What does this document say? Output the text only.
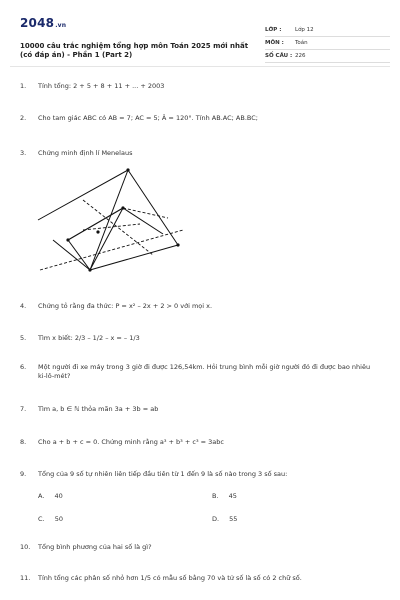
2048.vn
10000 câu trắc nghiệm tổng hợp môn Toán 2025 mới nhất (có đáp án) - Phần 1 (Part 2)
LỚP :	Lớp 12
MÔN :	Toán
SỐ CÂU : 226
1.	Tính tổng: 2 + 5 + 8 + 11 + ... + 2003
2.	Cho tam giác ABC có AB = 7; AC = 5; Â = 120°. Tính AB.AC; AB.BC;
3.	Chứng minh định lí Menelaus
4.	Chứng tỏ rằng đa thức: P = x² – 2x + 2 > 0 với mọi x.
5.	Tìm x biết: 2/3 – 1/2 – x = – 1/3
6.	Một người đi xe máy trong 3 giờ đi được 126,54km. Hỏi trung bình mỗi giờ người đó đi được bao nhiêu ki-lô-mét?
7.	Tìm a, b ∈ ℕ thỏa mãn 3a + 3b = ab
8.	Cho a + b + c = 0. Chứng minh rằng a³ + b³ + c³ = 3abc
9.	Tổng của 9 số tự nhiên liên tiếp đầu tiên từ 1 đến 9 là số nào trong 3 số sau:
A. 40	B. 45
C. 50	D. 55
10. Tổng bình phương của hai số là gì?
11. Tính tổng các phân số nhỏ hơn 1/5 có mẫu số bằng 70 và tử số là số có 2 chữ số.
